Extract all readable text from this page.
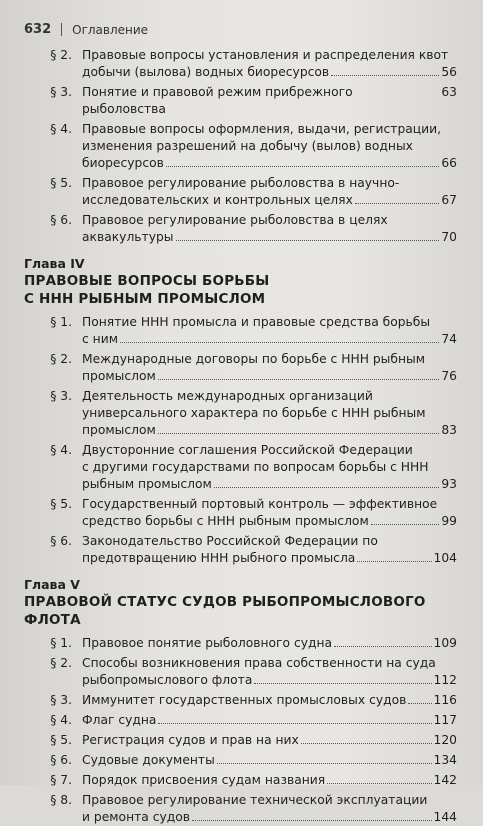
632 Оглавление
§ 2. Правовые вопросы установления и распределения квот
добычи (вылова) водных биоресурсов	56
§ 3. Понятие и правовой режим прибрежного рыболовства
63
§ 4. Правовые вопросы оформления, выдачи, регистрации,
изменения разрешений на добычу (вылов) водных
биоресурсов	66
§ 5. Правовое регулирование рыболовства в научно-
исследовательских и контрольных целях	67
§ 6. Правовое регулирование рыболовства в целях
аквакультуры	70
Глава IV
ПРАВОВЫЕ ВОПРОСЫ БОРЬБЫ
С ННН РЫБНЫМ ПРОМЫСЛОМ
§ 1. Понятие ННН промысла и правовые средства борьбы
с ним	74
§ 2. Международные договоры по борьбе с ННН рыбным
промыслом	76
§ 3. Деятельность международных организаций
универсального характера по борьбе с ННН рыбным
промыслом	83
§ 4. Двусторонние соглашения Российской Федерации
с другими государствами по вопросам борьбы с ННН
рыбным промыслом	93
§ 5. Государственный портовый контроль — эффективное
средство борьбы с ННН рыбным промыслом	99
§ 6. Законодательство Российской Федерации по
предотвращению ННН рыбного промысла	104
Глава V
ПРАВОВОЙ СТАТУС СУДОВ РЫБОПРОМЫСЛОВОГО ФЛОТА
§ 1. Правовое понятие рыболовного судна	109
§ 2. Способы возникновения права собственности на суда
рыбопромыслового флота	112
§ 3. Иммунитет государственных промысловых судов 116
§ 4. Флаг судна	117
§ 5. Регистрация судов и прав на них	120
§ 6. Судовые документы	134
§ 7. Порядок присвоения судам названия	142
§ 8. Правовое регулирование технической эксплуатации
и ремонта судов	144
